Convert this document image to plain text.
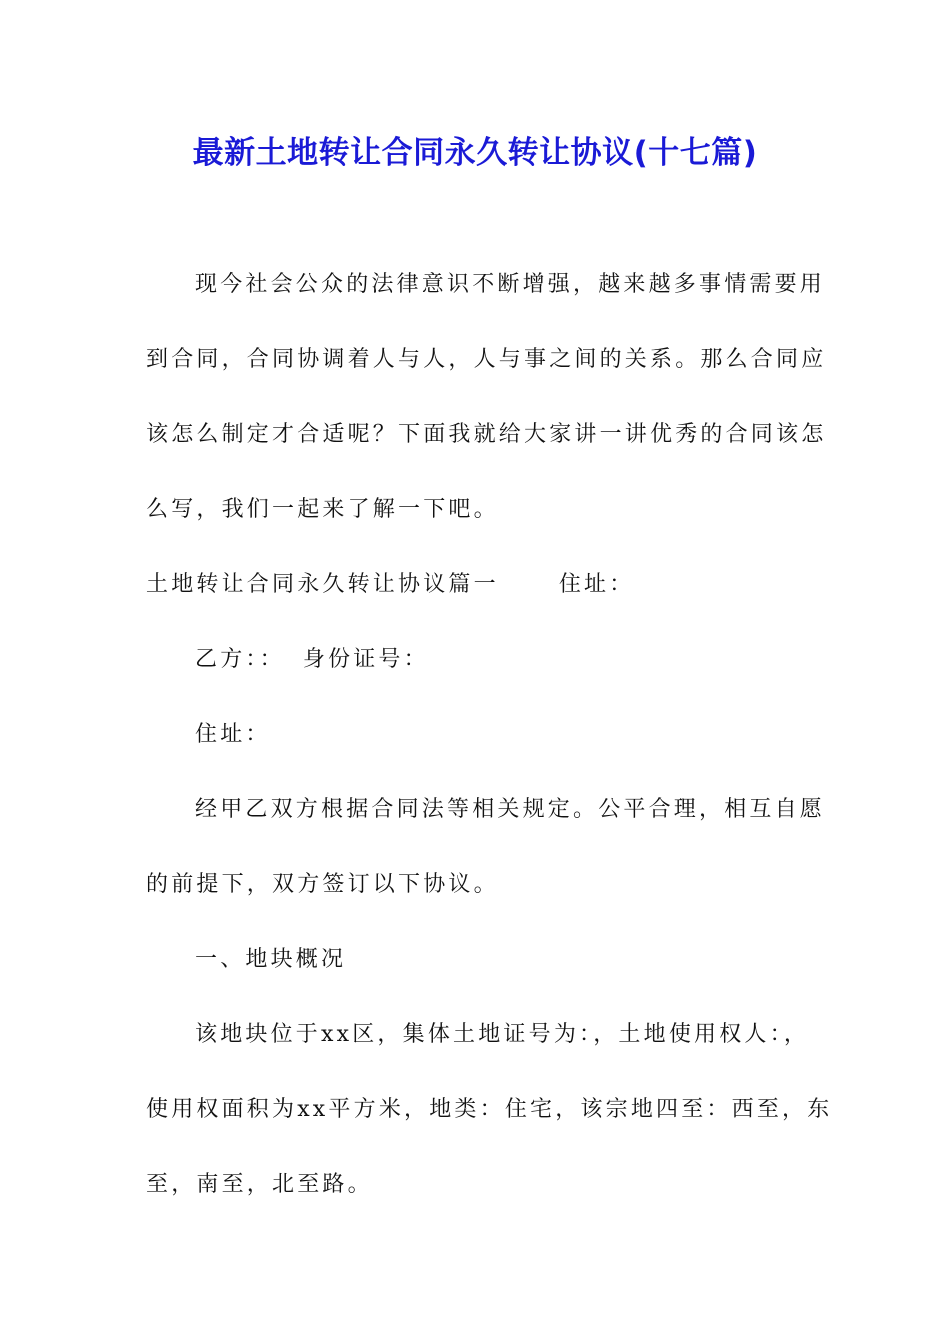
最新土地转让合同永久转让协议(十七篇)

现今社会公众的法律意识不断增强，越来越多事情需要用

到合同，合同协调着人与人，人与事之间的关系。那么合同应

该怎么制定才合适呢？下面我就给大家讲一讲优秀的合同该怎

么写，我们一起来了解一下吧。

土地转让合同永久转让协议篇一	住址：

乙方：： 身份证号：

住址：

经甲乙双方根据合同法等相关规定。公平合理，相互自愿

的前提下，双方签订以下协议。

一、地块概况

该地块位于xx区，集体土地证号为：，土地使用权人：，

使用权面积为xx平方米，地类：住宅，该宗地四至：西至，东

至，南至，北至路。
